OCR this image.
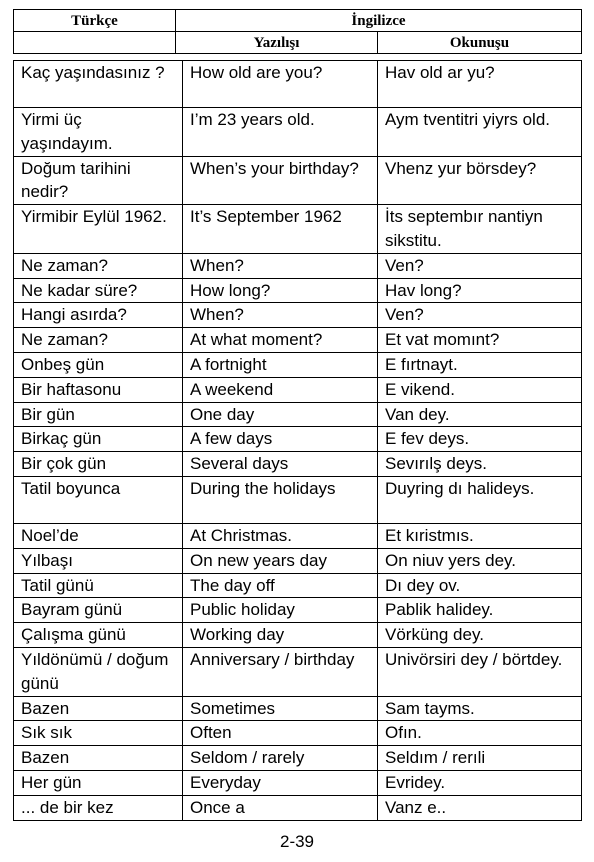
Türkçe	İngilizce	
	Yazılışı	Okunuşu
Kaç yaşındasınız ?	How old are you?	Hav old ar yu?
Yirmi üç yaşındayım.	I’m 23 years old.	Aym tventitri yiyrs old.
Doğum tarihini nedir?	When’s your birthday?	Vhenz yur börsdey?
Yirmibir Eylül 1962.	It’s September 1962	İts septembır nantiyn sikstitu.
Ne zaman?	When?	Ven?
Ne kadar süre?	How long?	Hav long?
Hangi asırda?	When?	Ven?
Ne zaman?	At what moment?	Et vat momınt?
Onbeş gün	A fortnight	E fırtnayt.
Bir haftasonu	A weekend	E vikend.
Bir gün	One day	Van dey.
Birkaç gün	A few days	E fev deys.
Bir çok gün	Several days	Sevırılş deys.
Tatil boyunca	During the holidays	Duyring dı halideys.
Noel’de	At Christmas.	Et kıristmıs.
Yılbaşı	On new years day	On niuv yers dey.
Tatil günü	The day off	Dı dey ov.
Bayram günü	Public holiday	Pablik halidey.
Çalışma günü	Working day	Vörküng dey.
Yıldönümü / doğum günü	Anniversary / birthday	Univörsiri dey / börtdey.
Bazen	Sometimes	Sam tayms.
Sık sık	Often	Ofın.
Bazen	Seldom / rarely	Seldım / rerıli
Her gün	Everyday	Evridey.
... de bir kez	Once a	Vanz e..
2-39
